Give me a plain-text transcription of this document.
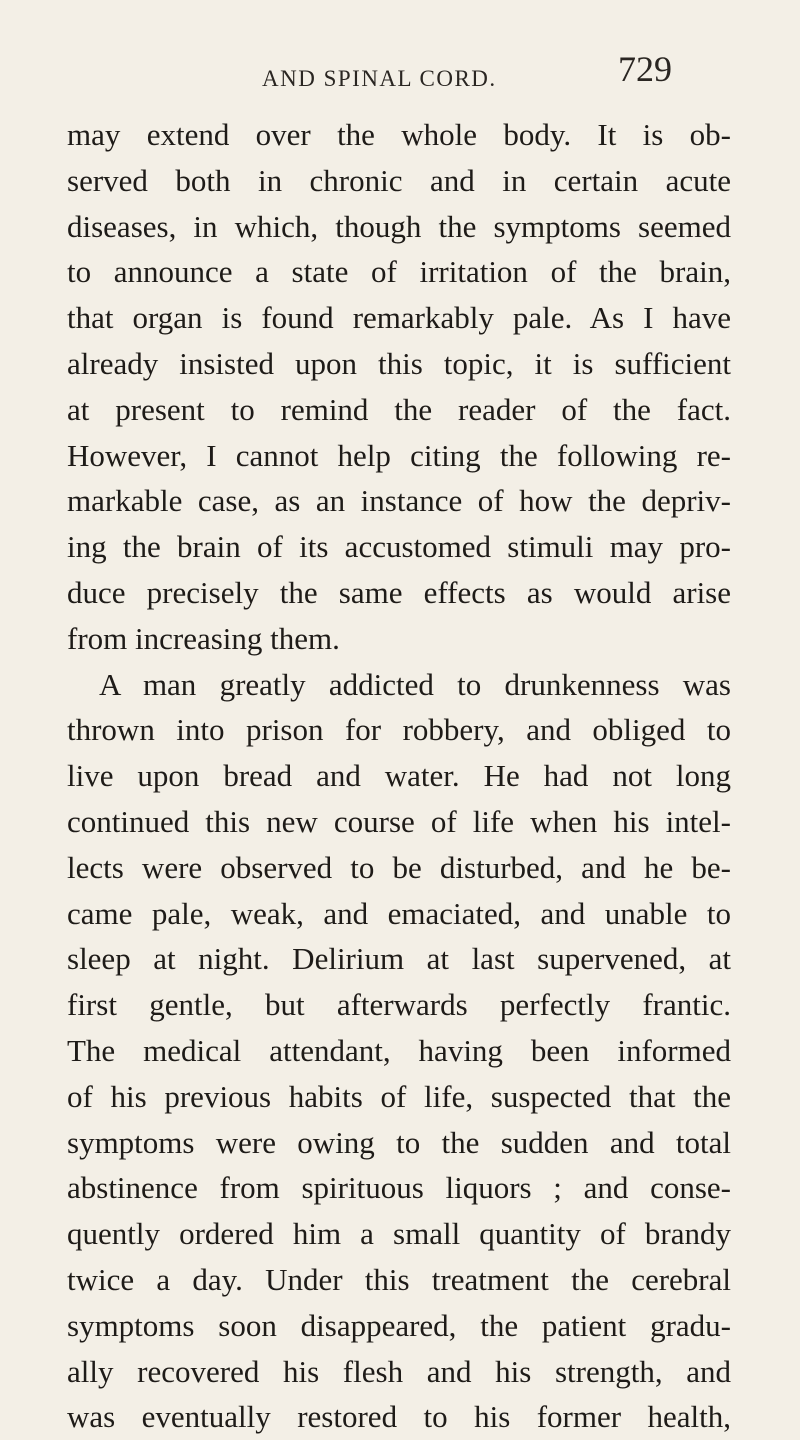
AND SPINAL CORD.	729
may extend over the whole body. It is ob-
served both in chronic and in certain acute
diseases, in which, though the symptoms seemed
to announce a state of irritation of the brain,
that organ is found remarkably pale. As I have
already insisted upon this topic, it is sufficient
at present to remind the reader of the fact.
However, I cannot help citing the following re-
markable case, as an instance of how the depriv-
ing the brain of its accustomed stimuli may pro-
duce precisely the same effects as would arise
from increasing them.
A man greatly addicted to drunkenness was
thrown into prison for robbery, and obliged to
live upon bread and water. He had not long
continued this new course of life when his intel-
lects were observed to be disturbed, and he be-
came pale, weak, and emaciated, and unable to
sleep at night. Delirium at last supervened, at
first gentle, but afterwards perfectly frantic.
The medical attendant, having been informed
of his previous habits of life, suspected that the
symptoms were owing to the sudden and total
abstinence from spirituous liquors ; and conse-
quently ordered him a small quantity of brandy
twice a day. Under this treatment the cerebral
symptoms soon disappeared, the patient gradu-
ally recovered his flesh and his strength, and
was eventually restored to his former health,
